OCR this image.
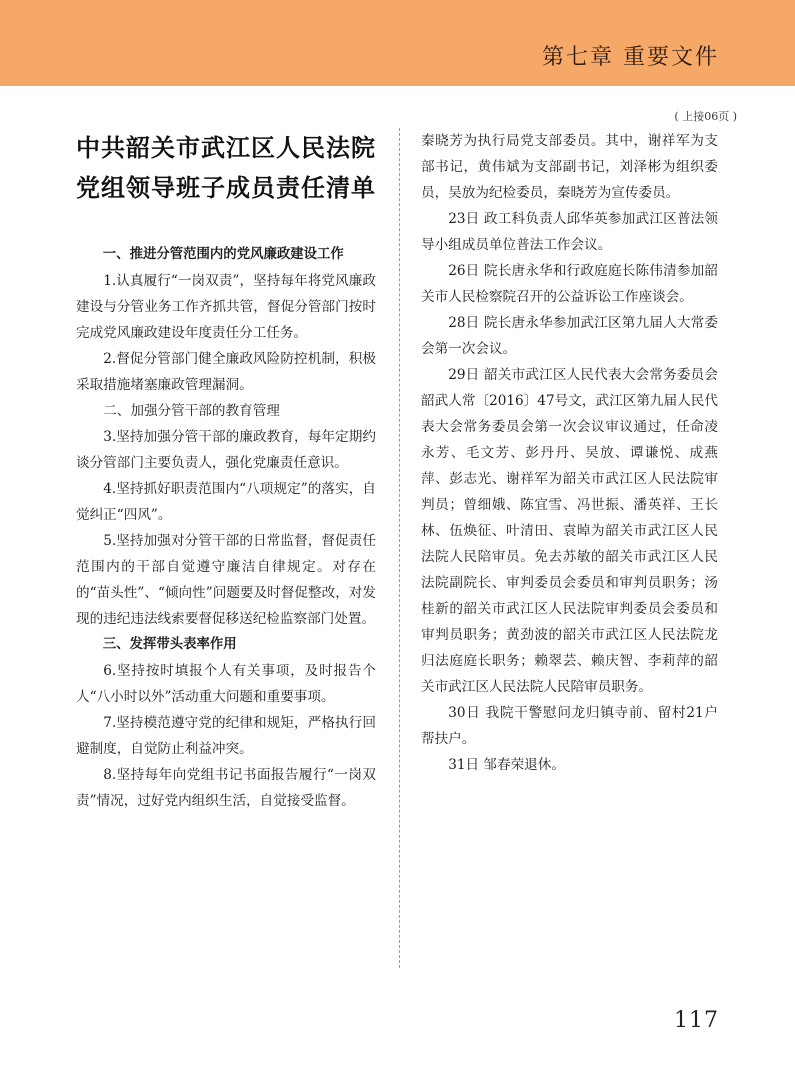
第七章 重要文件
( 上接06页 )
中共韶关市武江区人民法院
党组领导班子成员责任清单

一、推进分管范围内的党风廉政建设工作

1.认真履行“一岗双责”，坚持每年将党风廉政建设与分管业务工作齐抓共管，督促分管部门按时完成党风廉政建设年度责任分工任务。

2.督促分管部门健全廉政风险防控机制，积极采取措施堵塞廉政管理漏洞。

二、加强分管干部的教育管理

3.坚持加强分管干部的廉政教育，每年定期约谈分管部门主要负责人，强化党廉责任意识。

4.坚持抓好职责范围内“八项规定”的落实，自觉纠正“四风”。

5.坚持加强对分管干部的日常监督，督促责任范围内的干部自觉遵守廉洁自律规定。对存在的“苗头性”、“倾向性”问题要及时督促整改，对发现的违纪违法线索要督促移送纪检监察部门处置。

三、发挥带头表率作用

6.坚持按时填报个人有关事项，及时报告个人“八小时以外”活动重大问题和重要事项。

7.坚持模范遵守党的纪律和规矩，严格执行回避制度，自觉防止利益冲突。

8.坚持每年向党组书记书面报告履行“一岗双责”情况，过好党内组织生活，自觉接受监督。

秦晓芳为执行局党支部委员。其中，谢祥军为支部书记，黄伟斌为支部副书记，刘泽彬为组织委员，吴放为纪检委员，秦晓芳为宣传委员。

23日 政工科负责人邱华英参加武江区普法领导小组成员单位普法工作会议。

26日 院长唐永华和行政庭庭长陈伟清参加韶关市人民检察院召开的公益诉讼工作座谈会。

28日 院长唐永华参加武江区第九届人大常委会第一次会议。

29日 韶关市武江区人民代表大会常务委员会韶武人常〔2016〕47号文，武江区第九届人民代表大会常务委员会第一次会议审议通过，任命凌永芳、毛文芳、彭丹丹、吴放、谭谦悦、成燕萍、彭志光、谢祥军为韶关市武江区人民法院审判员；曾细娥、陈宜雪、冯世振、潘英祥、王长林、伍焕征、叶清田、袁晫为韶关市武江区人民法院人民陪审员。免去苏敏的韶关市武江区人民法院副院长、审判委员会委员和审判员职务；汤桂新的韶关市武江区人民法院审判委员会委员和审判员职务；黄劲波的韶关市武江区人民法院龙归法庭庭长职务；赖翠芸、赖庆智、李莉萍的韶关市武江区人民法院人民陪审员职务。

30日 我院干警慰问龙归镇寺前、留村21户帮扶户。

31日 邹春荣退休。

117
